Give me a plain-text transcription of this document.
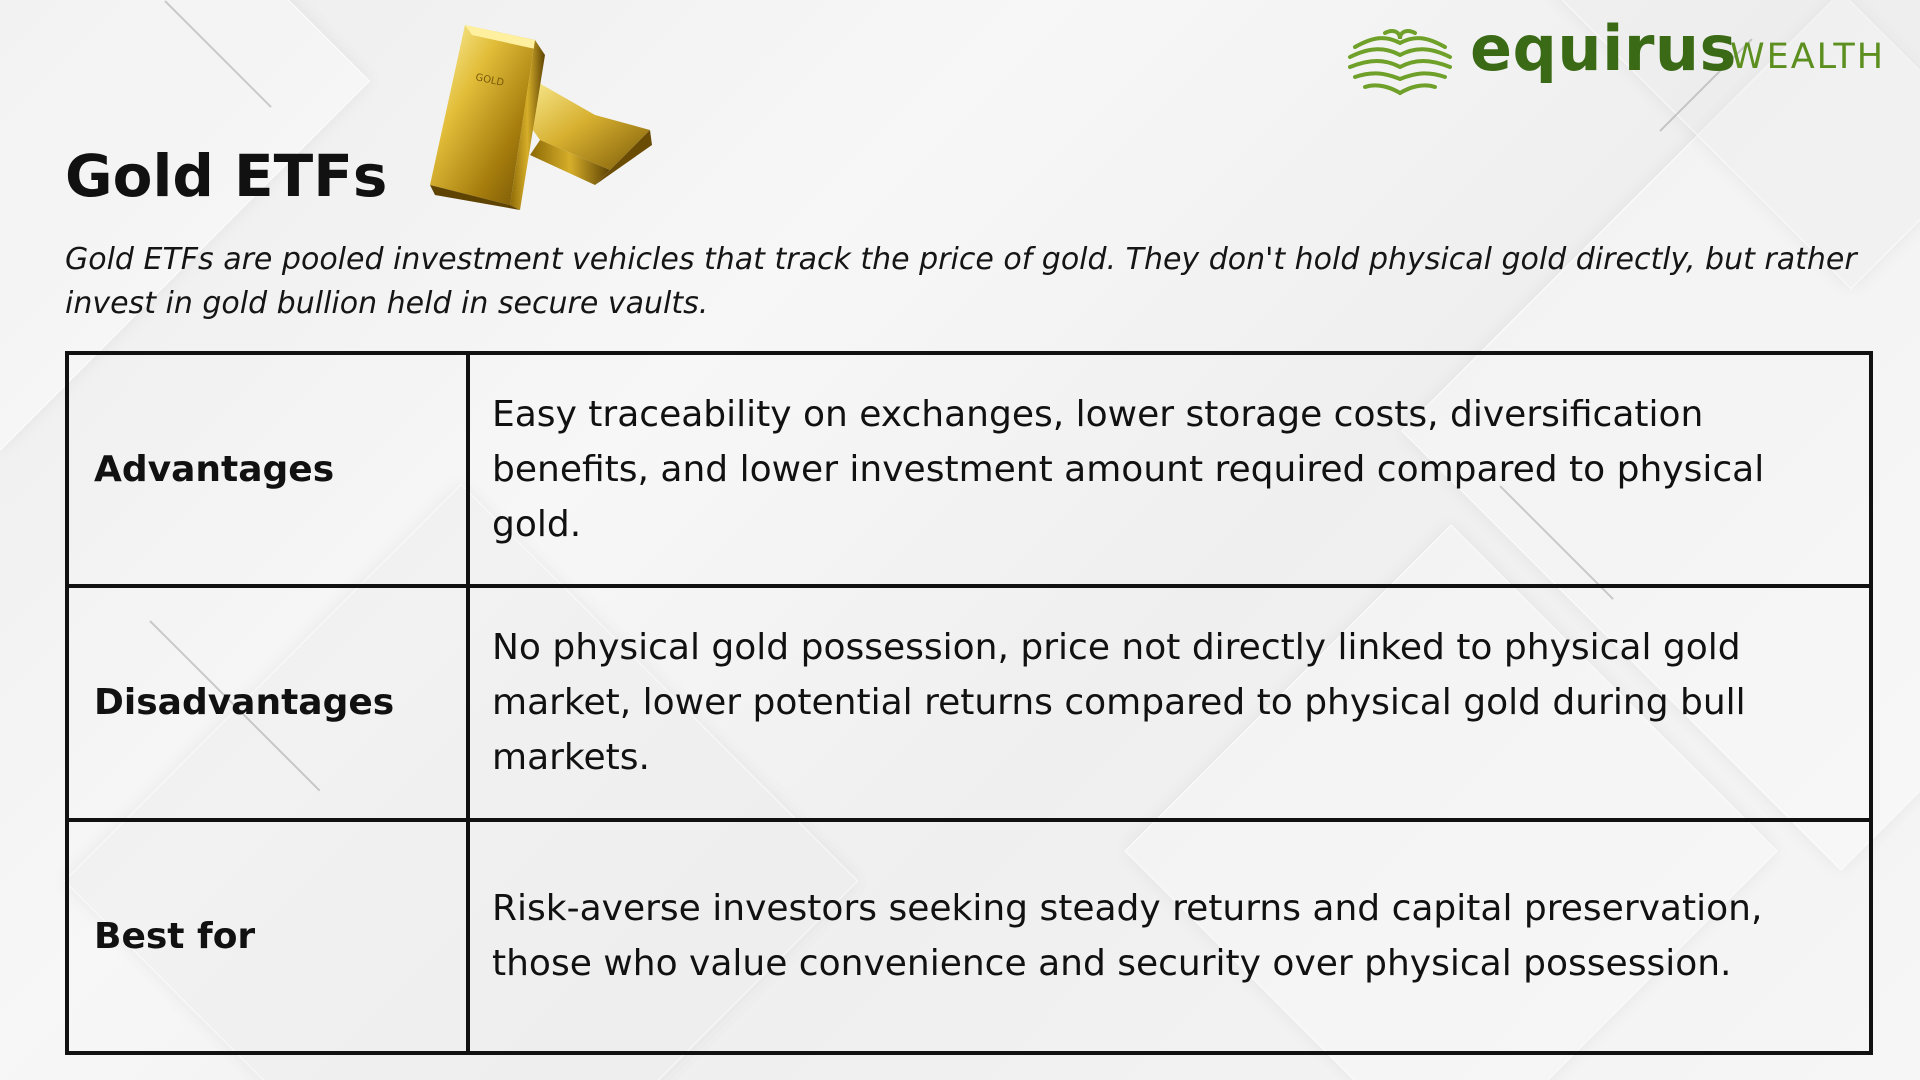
GOLD	equirus
WEALTH
Gold ETFs

Gold ETFs are pooled investment vehicles that track the price of gold. They don't hold physical gold directly, but rather invest in gold bullion held in secure vaults.

Advantages	Easy traceability on exchanges, lower storage costs, diversification benefits, and lower investment amount required compared to physical gold.
Disadvantages	No physical gold possession, price not directly linked to physical gold market, lower potential returns compared to physical gold during bull markets.
Best for	Risk-averse investors seeking steady returns and capital preservation, those who value convenience and security over physical possession.
